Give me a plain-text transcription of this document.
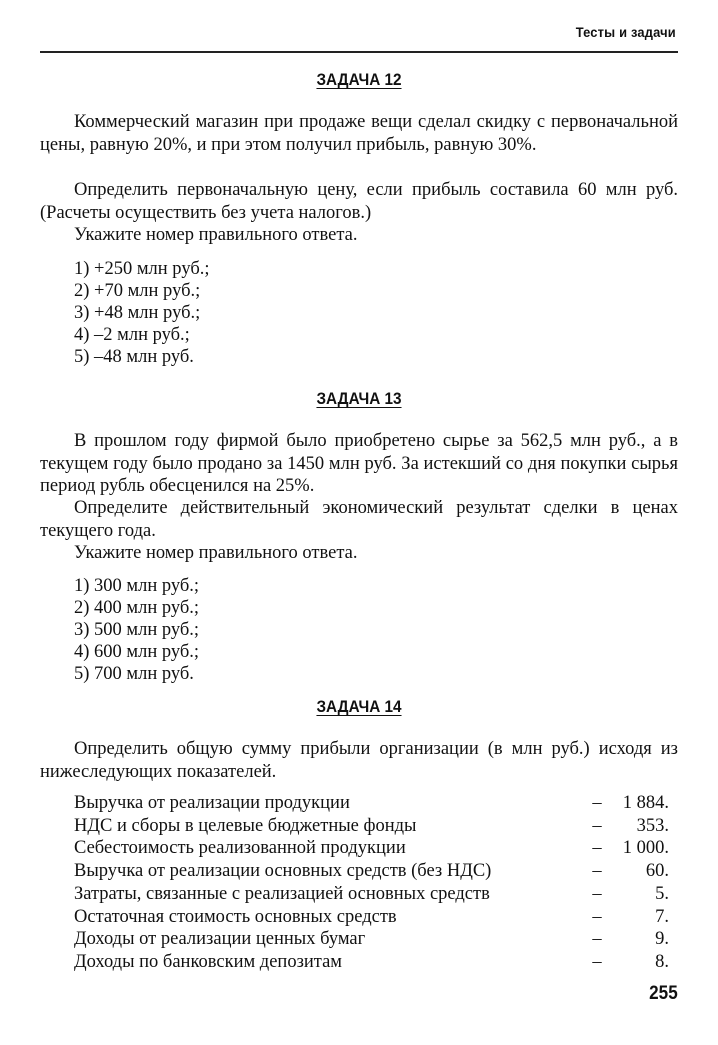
Тесты и задачи
ЗАДАЧА 12
Коммерческий магазин при продаже вещи сделал скидку с первоначальной цены, равную 20%, и при этом получил прибыль, равную 30%.
Определить первоначальную цену, если прибыль составила 60 млн руб. (Расчеты осуществить без учета налогов.)
Укажите номер правильного ответа.
1) +250 млн руб.;
2) +70 млн руб.;
3) +48 млн руб.;
4) –2 млн руб.;
5) –48 млн руб.
ЗАДАЧА 13
В прошлом году фирмой было приобретено сырье за 562,5 млн руб., а в текущем году было продано за 1450 млн руб. За истекший со дня покупки сырья период рубль обесценился на 25%.
Определите действительный экономический результат сделки в ценах текущего года.
Укажите номер правильного ответа.
1) 300 млн руб.;
2) 400 млн руб.;
3) 500 млн руб.;
4) 600 млн руб.;
5) 700 млн руб.
ЗАДАЧА 14
Определить общую сумму прибыли организации (в млн руб.) исходя из нижеследующих показателей.
Выручка от реализации продукции	–	1 884.
НДС и сборы в целевые бюджетные фонды	–	353.
Себестоимость реализованной продукции	–	1 000.
Выручка от реализации основных средств (без НДС)	–	60.
Затраты, связанные с реализацией основных средств	–	5.
Остаточная стоимость основных средств	–	7.
Доходы от реализации ценных бумаг	–	9.
Доходы по банковским депозитам	–	8.
255
